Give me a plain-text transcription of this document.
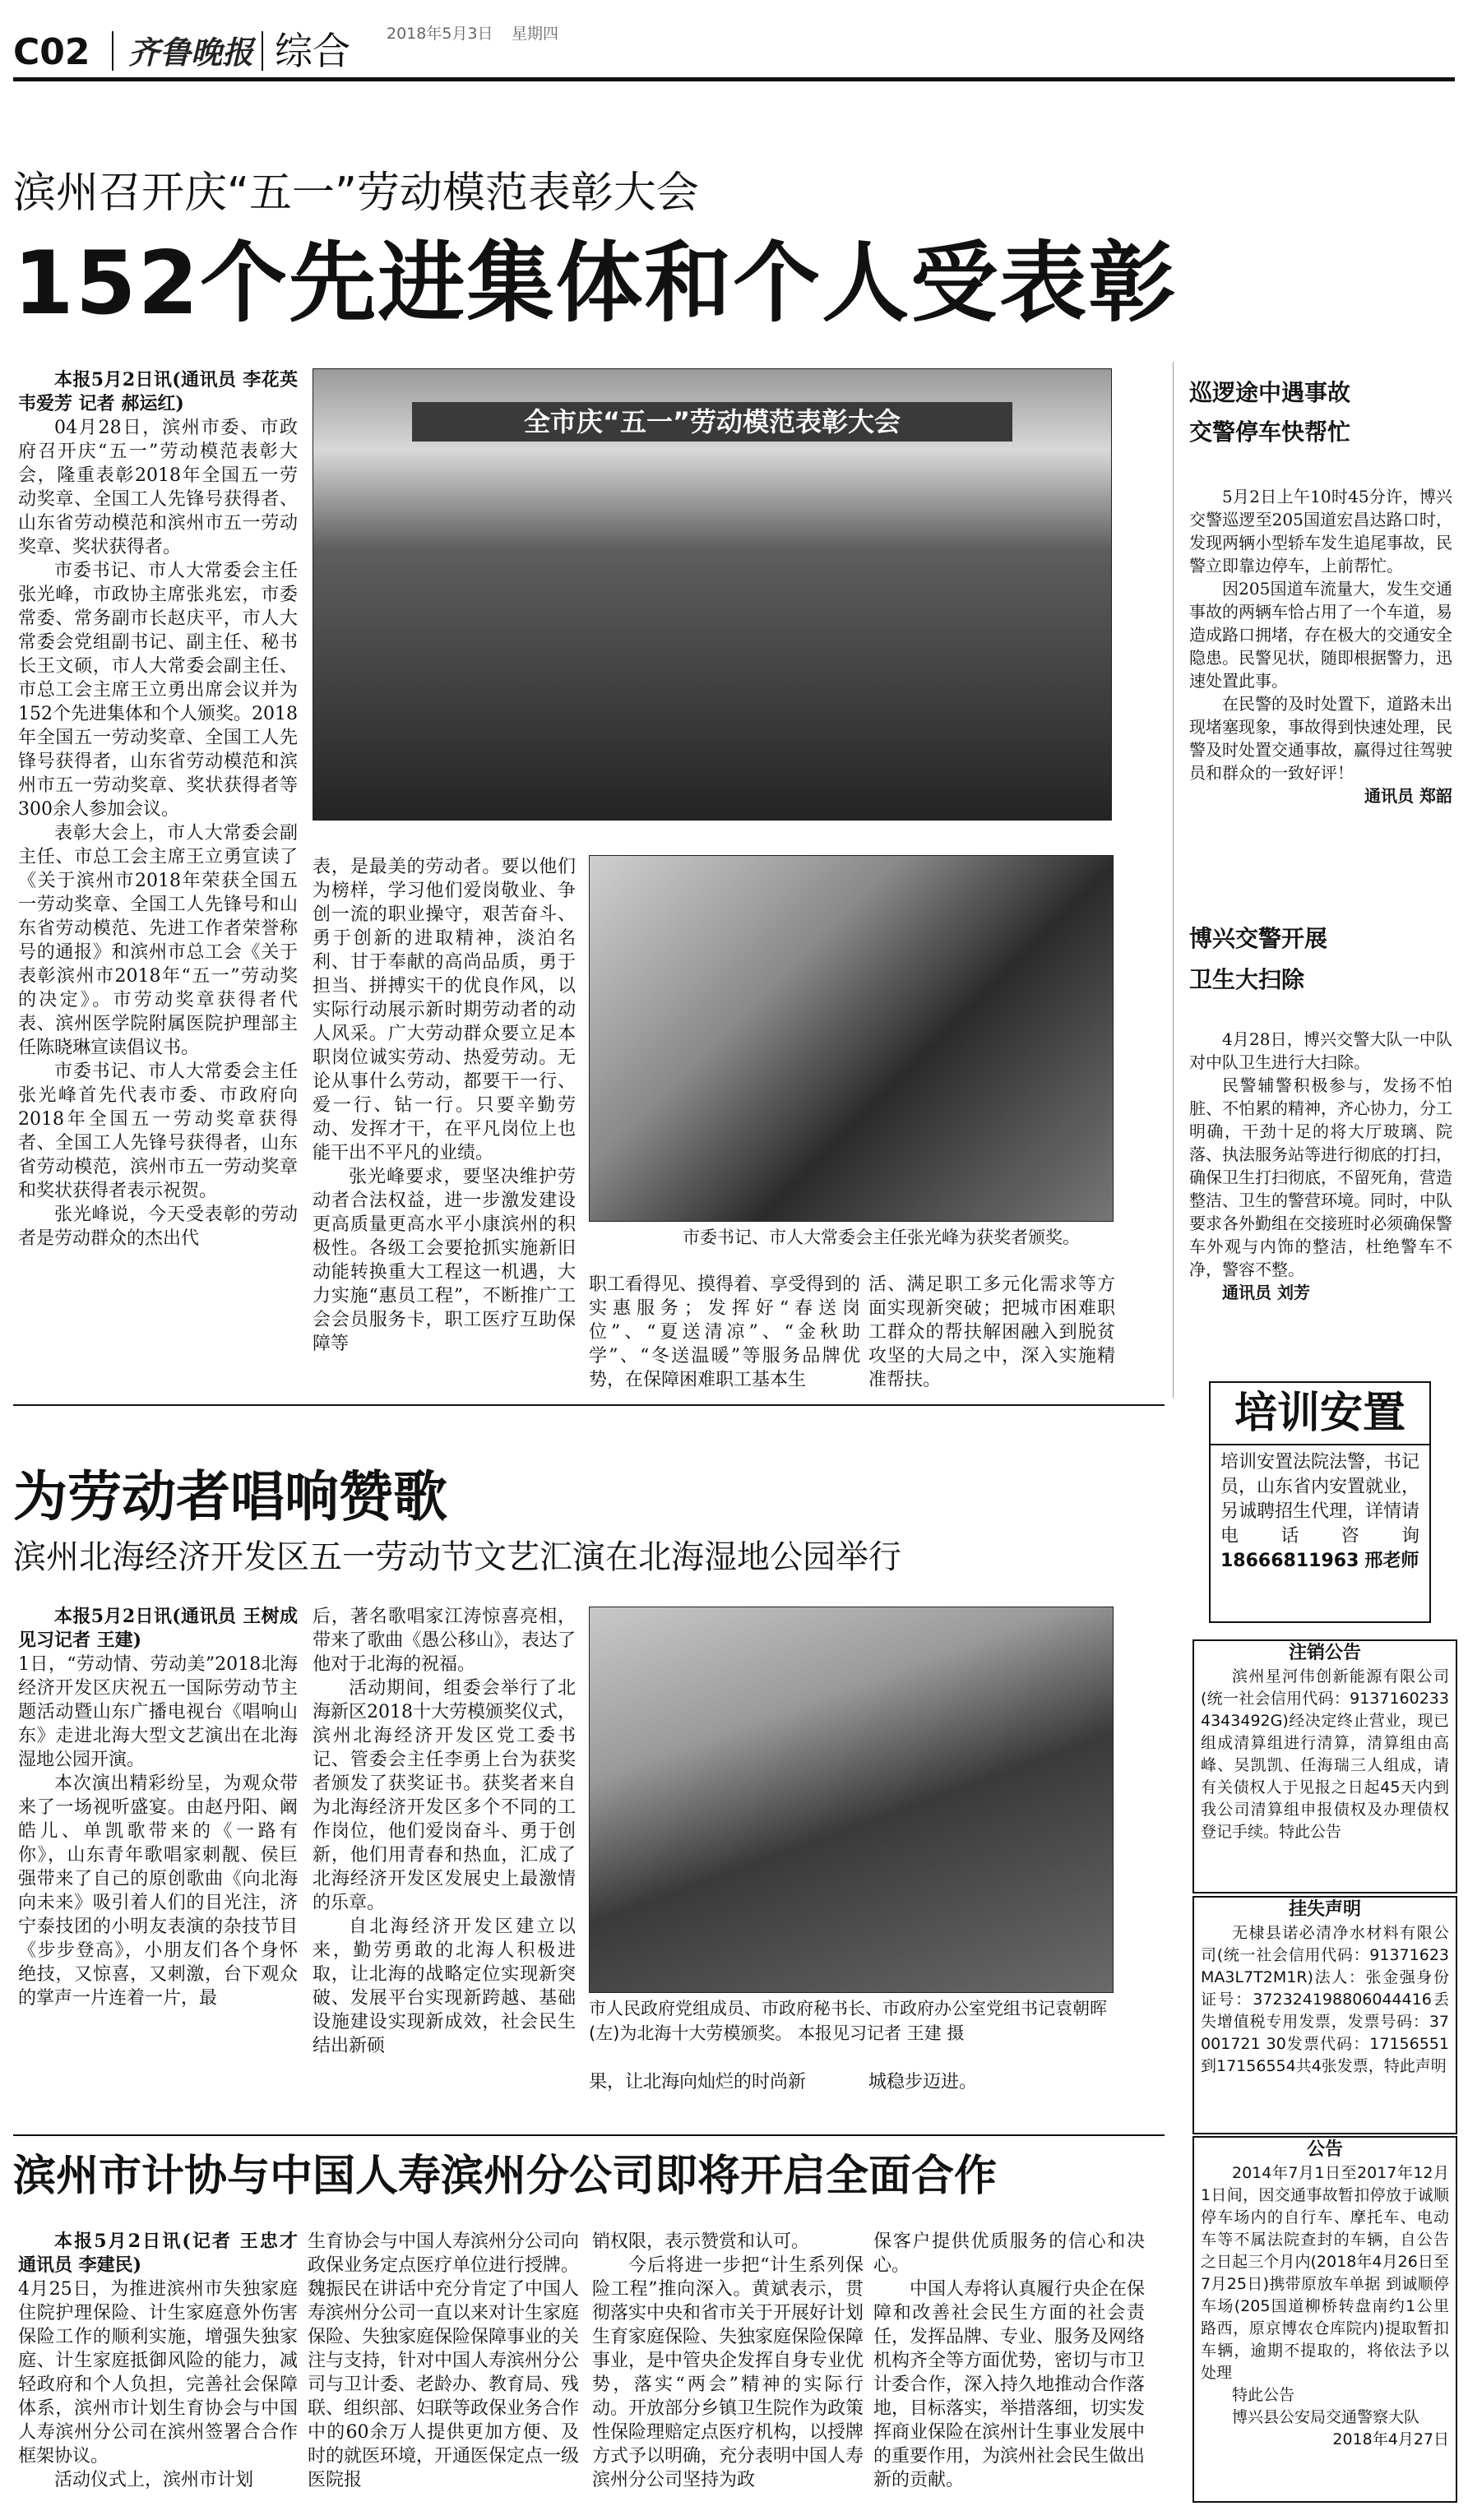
C02 齐鲁晚报 综合 2018年5月3日 星期四
滨州召开庆“五一”劳动模范表彰大会
152个先进集体和个人受表彰

本报5月2日讯(通讯员 李花英 韦爱芳 记者 郝运红)

04月28日，滨州市委、市政府召开庆“五一”劳动模范表彰大会，隆重表彰2018年全国五一劳动奖章、全国工人先锋号获得者、山东省劳动模范和滨州市五一劳动奖章、奖状获得者。

市委书记、市人大常委会主任张光峰，市政协主席张兆宏，市委常委、常务副市长赵庆平，市人大常委会党组副书记、副主任、秘书长王文硕，市人大常委会副主任、市总工会主席王立勇出席会议并为152个先进集体和个人颁奖。2018年全国五一劳动奖章、全国工人先锋号获得者，山东省劳动模范和滨州市五一劳动奖章、奖状获得者等300余人参加会议。

表彰大会上，市人大常委会副主任、市总工会主席王立勇宣读了《关于滨州市2018年荣获全国五一劳动奖章、全国工人先锋号和山东省劳动模范、先进工作者荣誉称号的通报》和滨州市总工会《关于表彰滨州市2018年“五一”劳动奖的决定》。市劳动奖章获得者代表、滨州医学院附属医院护理部主任陈晓琳宣读倡议书。

市委书记、市人大常委会主任张光峰首先代表市委、市政府向2018年全国五一劳动奖章获得者、全国工人先锋号获得者，山东省劳动模范，滨州市五一劳动奖章和奖状获得者表示祝贺。

张光峰说，今天受表彰的劳动者是劳动群众的杰出代

全市庆“五一”劳动模范表彰大会

表，是最美的劳动者。要以他们为榜样，学习他们爱岗敬业、争创一流的职业操守，艰苦奋斗、勇于创新的进取精神，淡泊名利、甘于奉献的高尚品质，勇于担当、拼搏实干的优良作风，以实际行动展示新时期劳动者的动人风采。广大劳动群众要立足本职岗位诚实劳动、热爱劳动。无论从事什么劳动，都要干一行、爱一行、钻一行。只要辛勤劳动、发挥才干，在平凡岗位上也能干出不平凡的业绩。

张光峰要求，要坚决维护劳动者合法权益，进一步激发建设更高质量更高水平小康滨州的积极性。各级工会要抢抓实施新旧动能转换重大工程这一机遇，大力实施“惠员工程”，不断推广工会会员服务卡，职工医疗互助保障等

市委书记、市人大常委会主任张光峰为获奖者颁奖。

职工看得见、摸得着、享受得到的实惠服务；发挥好“春送岗位”、“夏送清凉”、“金秋助学”、“冬送温暖”等服务品牌优势，在保障困难职工基本生

活、满足职工多元化需求等方面实现新突破；把城市困难职工群众的帮扶解困融入到脱贫攻坚的大局之中，深入实施精准帮扶。

巡逻途中遇事故
交警停车快帮忙

5月2日上午10时45分许，博兴交警巡逻至205国道宏昌达路口时，发现两辆小型轿车发生追尾事故，民警立即靠边停车，上前帮忙。

因205国道车流量大，发生交通事故的两辆车恰占用了一个车道，易造成路口拥堵，存在极大的交通安全隐患。民警见状，随即根据警力，迅速处置此事。

在民警的及时处置下，道路未出现堵塞现象，事故得到快速处理，民警及时处置交通事故，赢得过往驾驶员和群众的一致好评！

通讯员 郑韶

博兴交警开展
卫生大扫除

4月28日，博兴交警大队一中队对中队卫生进行大扫除。

民警辅警积极参与，发扬不怕脏、不怕累的精神，齐心协力，分工明确，干劲十足的将大厅玻璃、院落、执法服务站等进行彻底的打扫，确保卫生打扫彻底，不留死角，营造整洁、卫生的警营环境。同时，中队要求各外勤组在交接班时必须确保警车外观与内饰的整洁，杜绝警车不净，警容不整。

通讯员 刘芳

培训安置
培训安置法院法警，书记员，山东省内安置就业，另诚聘招生代理，详情请电话咨询 18666811963 邢老师
为劳动者唱响赞歌
滨州北海经济开发区五一劳动节文艺汇演在北海湿地公园举行

本报5月2日讯(通讯员 王树成 见习记者 王建)

1日，“劳动情、劳动美”2018北海经济开发区庆祝五一国际劳动节主题活动暨山东广播电视台《唱响山东》走进北海大型文艺演出在北海湿地公园开演。

本次演出精彩纷呈，为观众带来了一场视听盛宴。由赵丹阳、阚皓儿、单凯歌带来的《一路有你》，山东青年歌唱家刺靓、侯巨强带来了自己的原创歌曲《向北海向未来》吸引着人们的目光注，济宁泰技团的小明友表演的杂技节目《步步登高》，小朋友们各个身怀绝技，又惊喜，又刺激，台下观众的掌声一片连着一片，最

后，著名歌唱家江涛惊喜亮相，带来了歌曲《愚公移山》，表达了他对于北海的祝福。

活动期间，组委会举行了北海新区2018十大劳模颁奖仪式，滨州北海经济开发区党工委书记、管委会主任李勇上台为获奖者颁发了获奖证书。获奖者来自为北海经济开发区多个不同的工作岗位，他们爱岗奋斗、勇于创新，他们用青春和热血，汇成了北海经济开发区发展史上最激情的乐章。

自北海经济开发区建立以来，勤劳勇敢的北海人积极进取，让北海的战略定位实现新突破、发展平台实现新跨越、基础设施建设实现新成效，社会民生结出新硕

市人民政府党组成员、市政府秘书长、市政府办公室党组书记袁朝晖(左)为北海十大劳模颁奖。 本报见习记者 王建 摄

果，让北海向灿烂的时尚新	城稳步迈进。

注销公告

滨州星河伟创新能源有限公司(统一社会信用代码：91371602334343492G)经决定终止营业，现已组成清算组进行清算，清算组由高峰、吴凯凯、任海瑞三人组成，请有关债权人于见报之日起45天内到我公司清算组申报债权及办理债权登记手续。特此公告

挂失声明

无棣县诺必清净水材料有限公司(统一社会信用代码：91371623MA3L7T2M1R)法人：张金强身份证号：372324198806044416丢失增值税专用发票，发票号码：37001721 30发票代码：17156551到17156554共4张发票，特此声明

公告

2014年7月1日至2017年12月1日间，因交通事故暂扣停放于诚顺停车场内的自行车、摩托车、电动车等不属法院查封的车辆，自公告之日起三个月内(2018年4月26日至7月25日)携带原放车单据 到诚顺停车场(205国道柳桥转盘南约1公里路西，原京博农仓库院内)提取暂扣车辆，逾期不提取的，将依法予以处理

特此公告

博兴县公安局交通警察大队

2018年4月27日

滨州市计协与中国人寿滨州分公司即将开启全面合作

本报5月2日讯(记者 王忠才 通讯员 李建民)

4月25日，为推进滨州市失独家庭住院护理保险、计生家庭意外伤害保险工作的顺利实施，增强失独家庭、计生家庭抵御风险的能力，减轻政府和个人负担，完善社会保障体系，滨州市计划生育协会与中国人寿滨州分公司在滨州签署合合作框架协议。

活动仪式上，滨州市计划

生育协会与中国人寿滨州分公司向政保业务定点医疗单位进行授牌。魏振民在讲话中充分肯定了中国人寿滨州分公司一直以来对计生家庭保险、失独家庭保险保障事业的关注与支持，针对中国人寿滨州分公司与卫计委、老龄办、教育局、残联、组织部、妇联等政保业务合作中的60余万人提供更加方便、及时的就医环境，开通医保定点一级医院报

销权限，表示赞赏和认可。

今后将进一步把“计生系列保险工程”推向深入。黄斌表示，贯彻落实中央和省市关于开展好计划生育家庭保险、失独家庭保险保障事业，是中管央企发挥自身专业优势，落实“两会”精神的实际行动。开放部分乡镇卫生院作为政策性保险理赔定点医疗机构，以授牌方式予以明确，充分表明中国人寿滨州分公司坚持为政

保客户提供优质服务的信心和决心。

中国人寿将认真履行央企在保障和改善社会民生方面的社会责任，发挥品牌、专业、服务及网络机构齐全等方面优势，密切与市卫计委合作，深入持久地推动合作落地，目标落实，举措落细，切实发挥商业保险在滨州计生事业发展中的重要作用，为滨州社会民生做出新的贡献。
